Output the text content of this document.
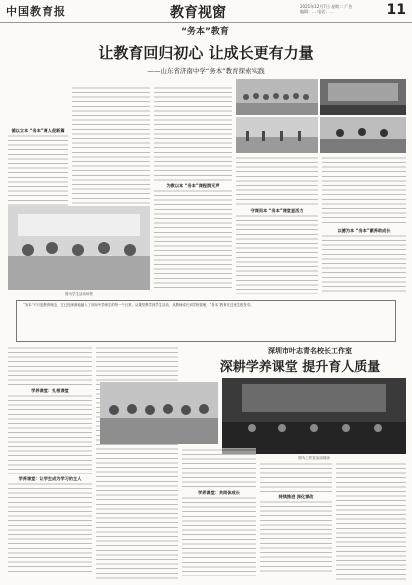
中国教育报	教育视窗	2021年12月7日 星期二 广告
编辑：… 电话：…	11
“务本”教育
让教育回归初心 让成长更有力量
——山东省济南中学“务本”教育探索实践
循以立本 “务本”育人促新篇
为教以本 “务本”课程润无声
守课而本 “务本”课堂显活力
以德为本 “务本”素养助成长
图为学生活动场景
“务本”不只是教育理念，它已经深深地融入了济南中学师生的每一个日常。从课堂教学到学生活动，从教师成长到学校管理，“务本”教育在这里生根发芽。
深圳市叶志青名校长工作室
深耕学养课堂 提升育人质量
学养课堂：扎根课堂
学养课堂：让学生成为学习的主人
图为工作室活动现场
学养课堂：共同体成长
持续推进 深化课改
